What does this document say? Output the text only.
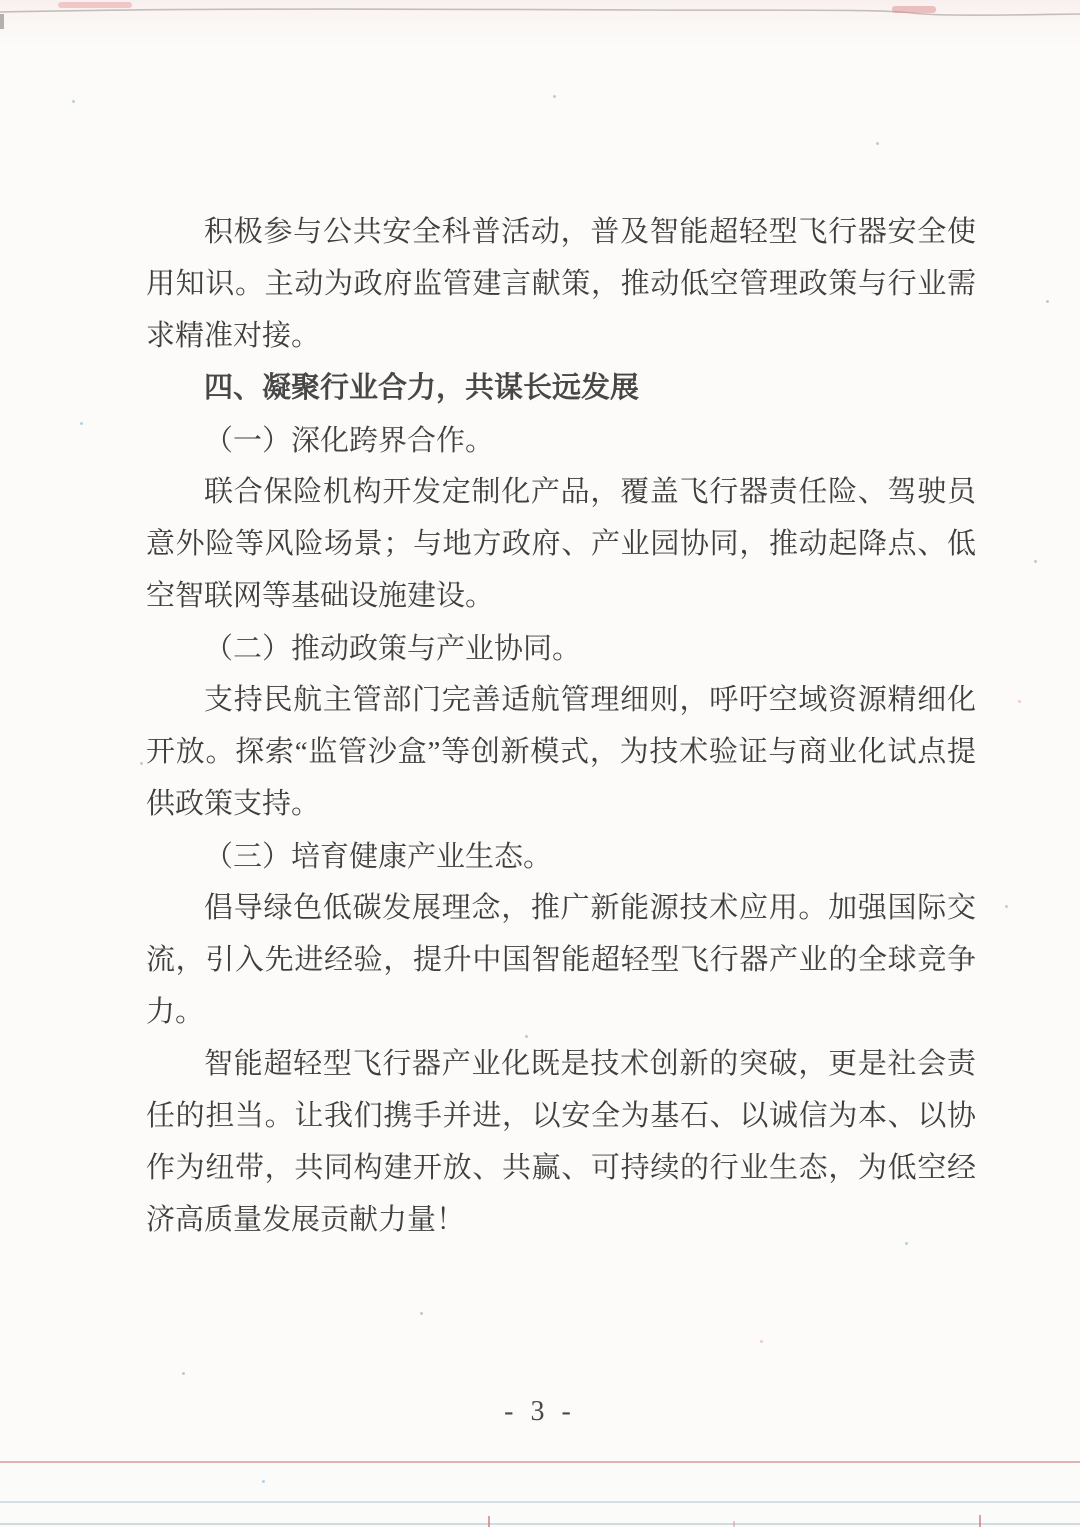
积极参与公共安全科普活动，普及智能超轻型飞行器安全使用知识。主动为政府监管建言献策，推动低空管理政策与行业需求精准对接。

四、凝聚行业合力，共谋长远发展

（一）深化跨界合作。

联合保险机构开发定制化产品，覆盖飞行器责任险、驾驶员意外险等风险场景；与地方政府、产业园协同，推动起降点、低空智联网等基础设施建设。

（二）推动政策与产业协同。

支持民航主管部门完善适航管理细则，呼吁空域资源精细化开放。探索“监管沙盒”等创新模式，为技术验证与商业化试点提供政策支持。

（三）培育健康产业生态。

倡导绿色低碳发展理念，推广新能源技术应用。加强国际交流，引入先进经验，提升中国智能超轻型飞行器产业的全球竞争力。

智能超轻型飞行器产业化既是技术创新的突破，更是社会责任的担当。让我们携手并进，以安全为基石、以诚信为本、以协作为纽带，共同构建开放、共赢、可持续的行业生态，为低空经济高质量发展贡献力量！

- 3 -
